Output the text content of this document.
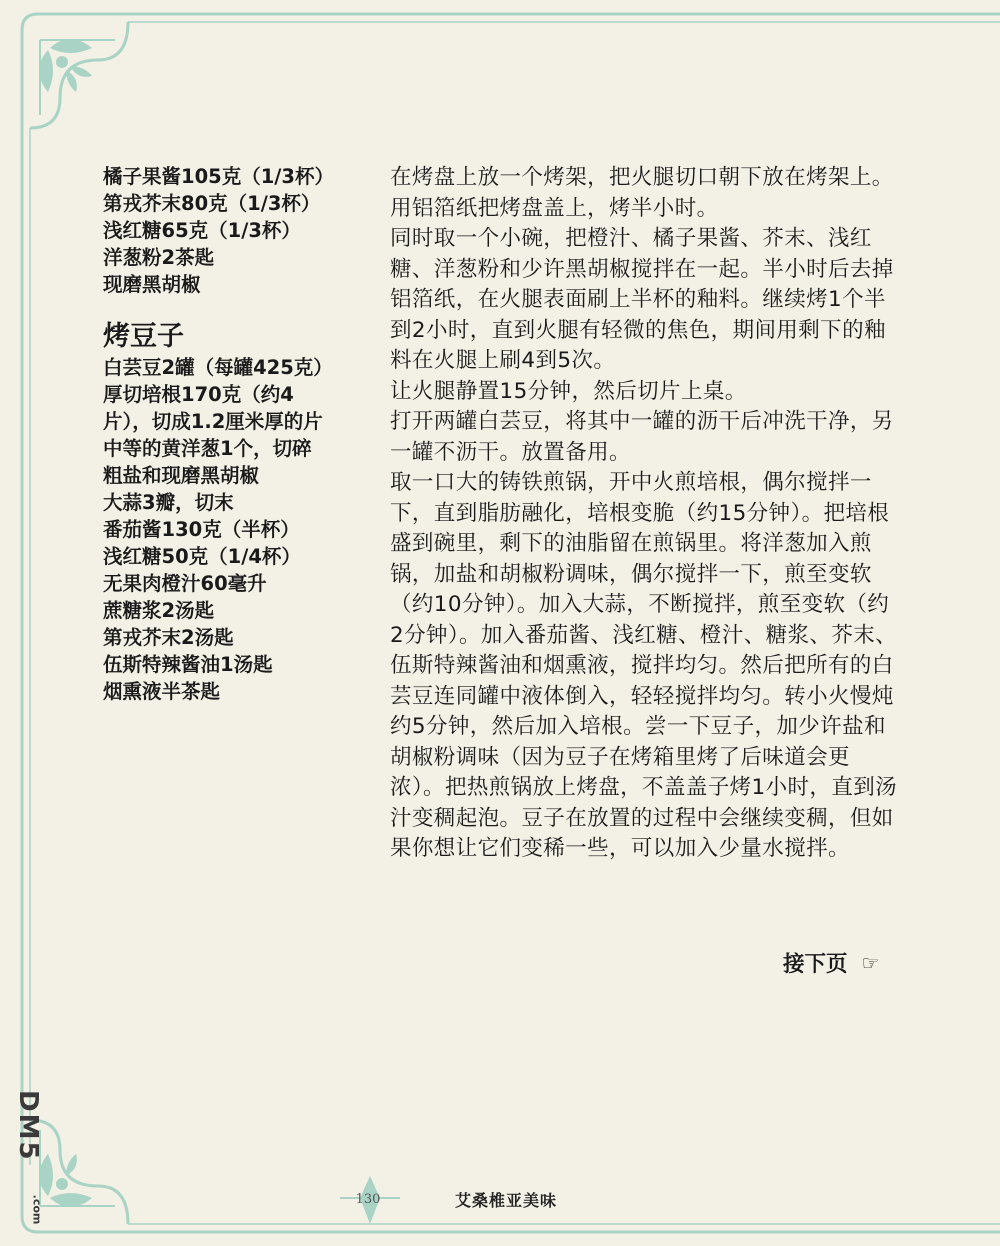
橘子果酱105克（1/3杯）

第戎芥末80克（1/3杯）

浅红糖65克（1/3杯）

洋葱粉2茶匙

现磨黑胡椒

烤豆子

白芸豆2罐（每罐425克）

厚切培根170克（约4片），切成1.2厘米厚的片

中等的黄洋葱1个，切碎

粗盐和现磨黑胡椒

大蒜3瓣，切末

番茄酱130克（半杯）

浅红糖50克（1/4杯）

无果肉橙汁60毫升

蔗糖浆2汤匙

第戎芥末2汤匙

伍斯特辣酱油1汤匙

烟熏液半茶匙

在烤盘上放一个烤架，把火腿切口朝下放在烤架上。用铝箔纸把烤盘盖上，烤半小时。

同时取一个小碗，把橙汁、橘子果酱、芥末、浅红糖、洋葱粉和少许黑胡椒搅拌在一起。半小时后去掉铝箔纸，在火腿表面刷上半杯的釉料。继续烤1个半到2小时，直到火腿有轻微的焦色，期间用剩下的釉料在火腿上刷4到5次。

让火腿静置15分钟，然后切片上桌。

打开两罐白芸豆，将其中一罐的沥干后冲洗干净，另一罐不沥干。放置备用。

取一口大的铸铁煎锅，开中火煎培根，偶尔搅拌一下，直到脂肪融化，培根变脆（约15分钟）。把培根盛到碗里，剩下的油脂留在煎锅里。将洋葱加入煎锅，加盐和胡椒粉调味，偶尔搅拌一下，煎至变软（约10分钟）。加入大蒜，不断搅拌，煎至变软（约2分钟）。加入番茄酱、浅红糖、橙汁、糖浆、芥末、伍斯特辣酱油和烟熏液，搅拌均匀。然后把所有的白芸豆连同罐中液体倒入，轻轻搅拌均匀。转小火慢炖约5分钟，然后加入培根。尝一下豆子，加少许盐和胡椒粉调味（因为豆子在烤箱里烤了后味道会更浓）。把热煎锅放上烤盘，不盖盖子烤1小时，直到汤汁变稠起泡。豆子在放置的过程中会继续变稠，但如果你想让它们变稀一些，可以加入少量水搅拌。

接下页 ☞
130	艾桑椎亚美味
DM5
.com
